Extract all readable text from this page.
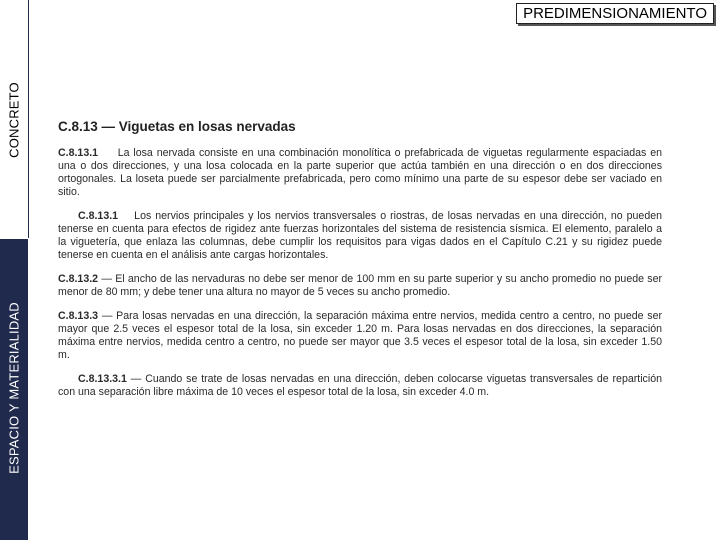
CONCRETO
ESPACIO Y MATERIALIDAD
PREDIMENSIONAMIENTO
C.8.13 — Viguetas en losas nervadas

C.8.13.1 La losa nervada consiste en una combinación monolítica o prefabricada de viguetas regularmente espaciadas en una o dos direcciones, y una losa colocada en la parte superior que actúa también en una dirección o en dos direcciones ortogonales. La loseta puede ser parcialmente prefabricada, pero como mínimo una parte de su espesor debe ser vaciado en sitio.

C.8.13.1 Los nervios principales y los nervios transversales o riostras, de losas nervadas en una dirección, no pueden tenerse en cuenta para efectos de rigidez ante fuerzas horizontales del sistema de resistencia sísmica. El elemento, paralelo a la viguetería, que enlaza las columnas, debe cumplir los requisitos para vigas dados en el Capítulo C.21 y su rigidez puede tenerse en cuenta en el análisis ante cargas horizontales.

C.8.13.2 — El ancho de las nervaduras no debe ser menor de 100 mm en su parte superior y su ancho promedio no puede ser menor de 80 mm; y debe tener una altura no mayor de 5 veces su ancho promedio.

C.8.13.3 — Para losas nervadas en una dirección, la separación máxima entre nervios, medida centro a centro, no puede ser mayor que 2.5 veces el espesor total de la losa, sin exceder 1.20 m. Para losas nervadas en dos direcciones, la separación máxima entre nervios, medida centro a centro, no puede ser mayor que 3.5 veces el espesor total de la losa, sin exceder 1.50 m.

C.8.13.3.1 — Cuando se trate de losas nervadas en una dirección, deben colocarse viguetas transversales de repartición con una separación libre máxima de 10 veces el espesor total de la losa, sin exceder 4.0 m.
